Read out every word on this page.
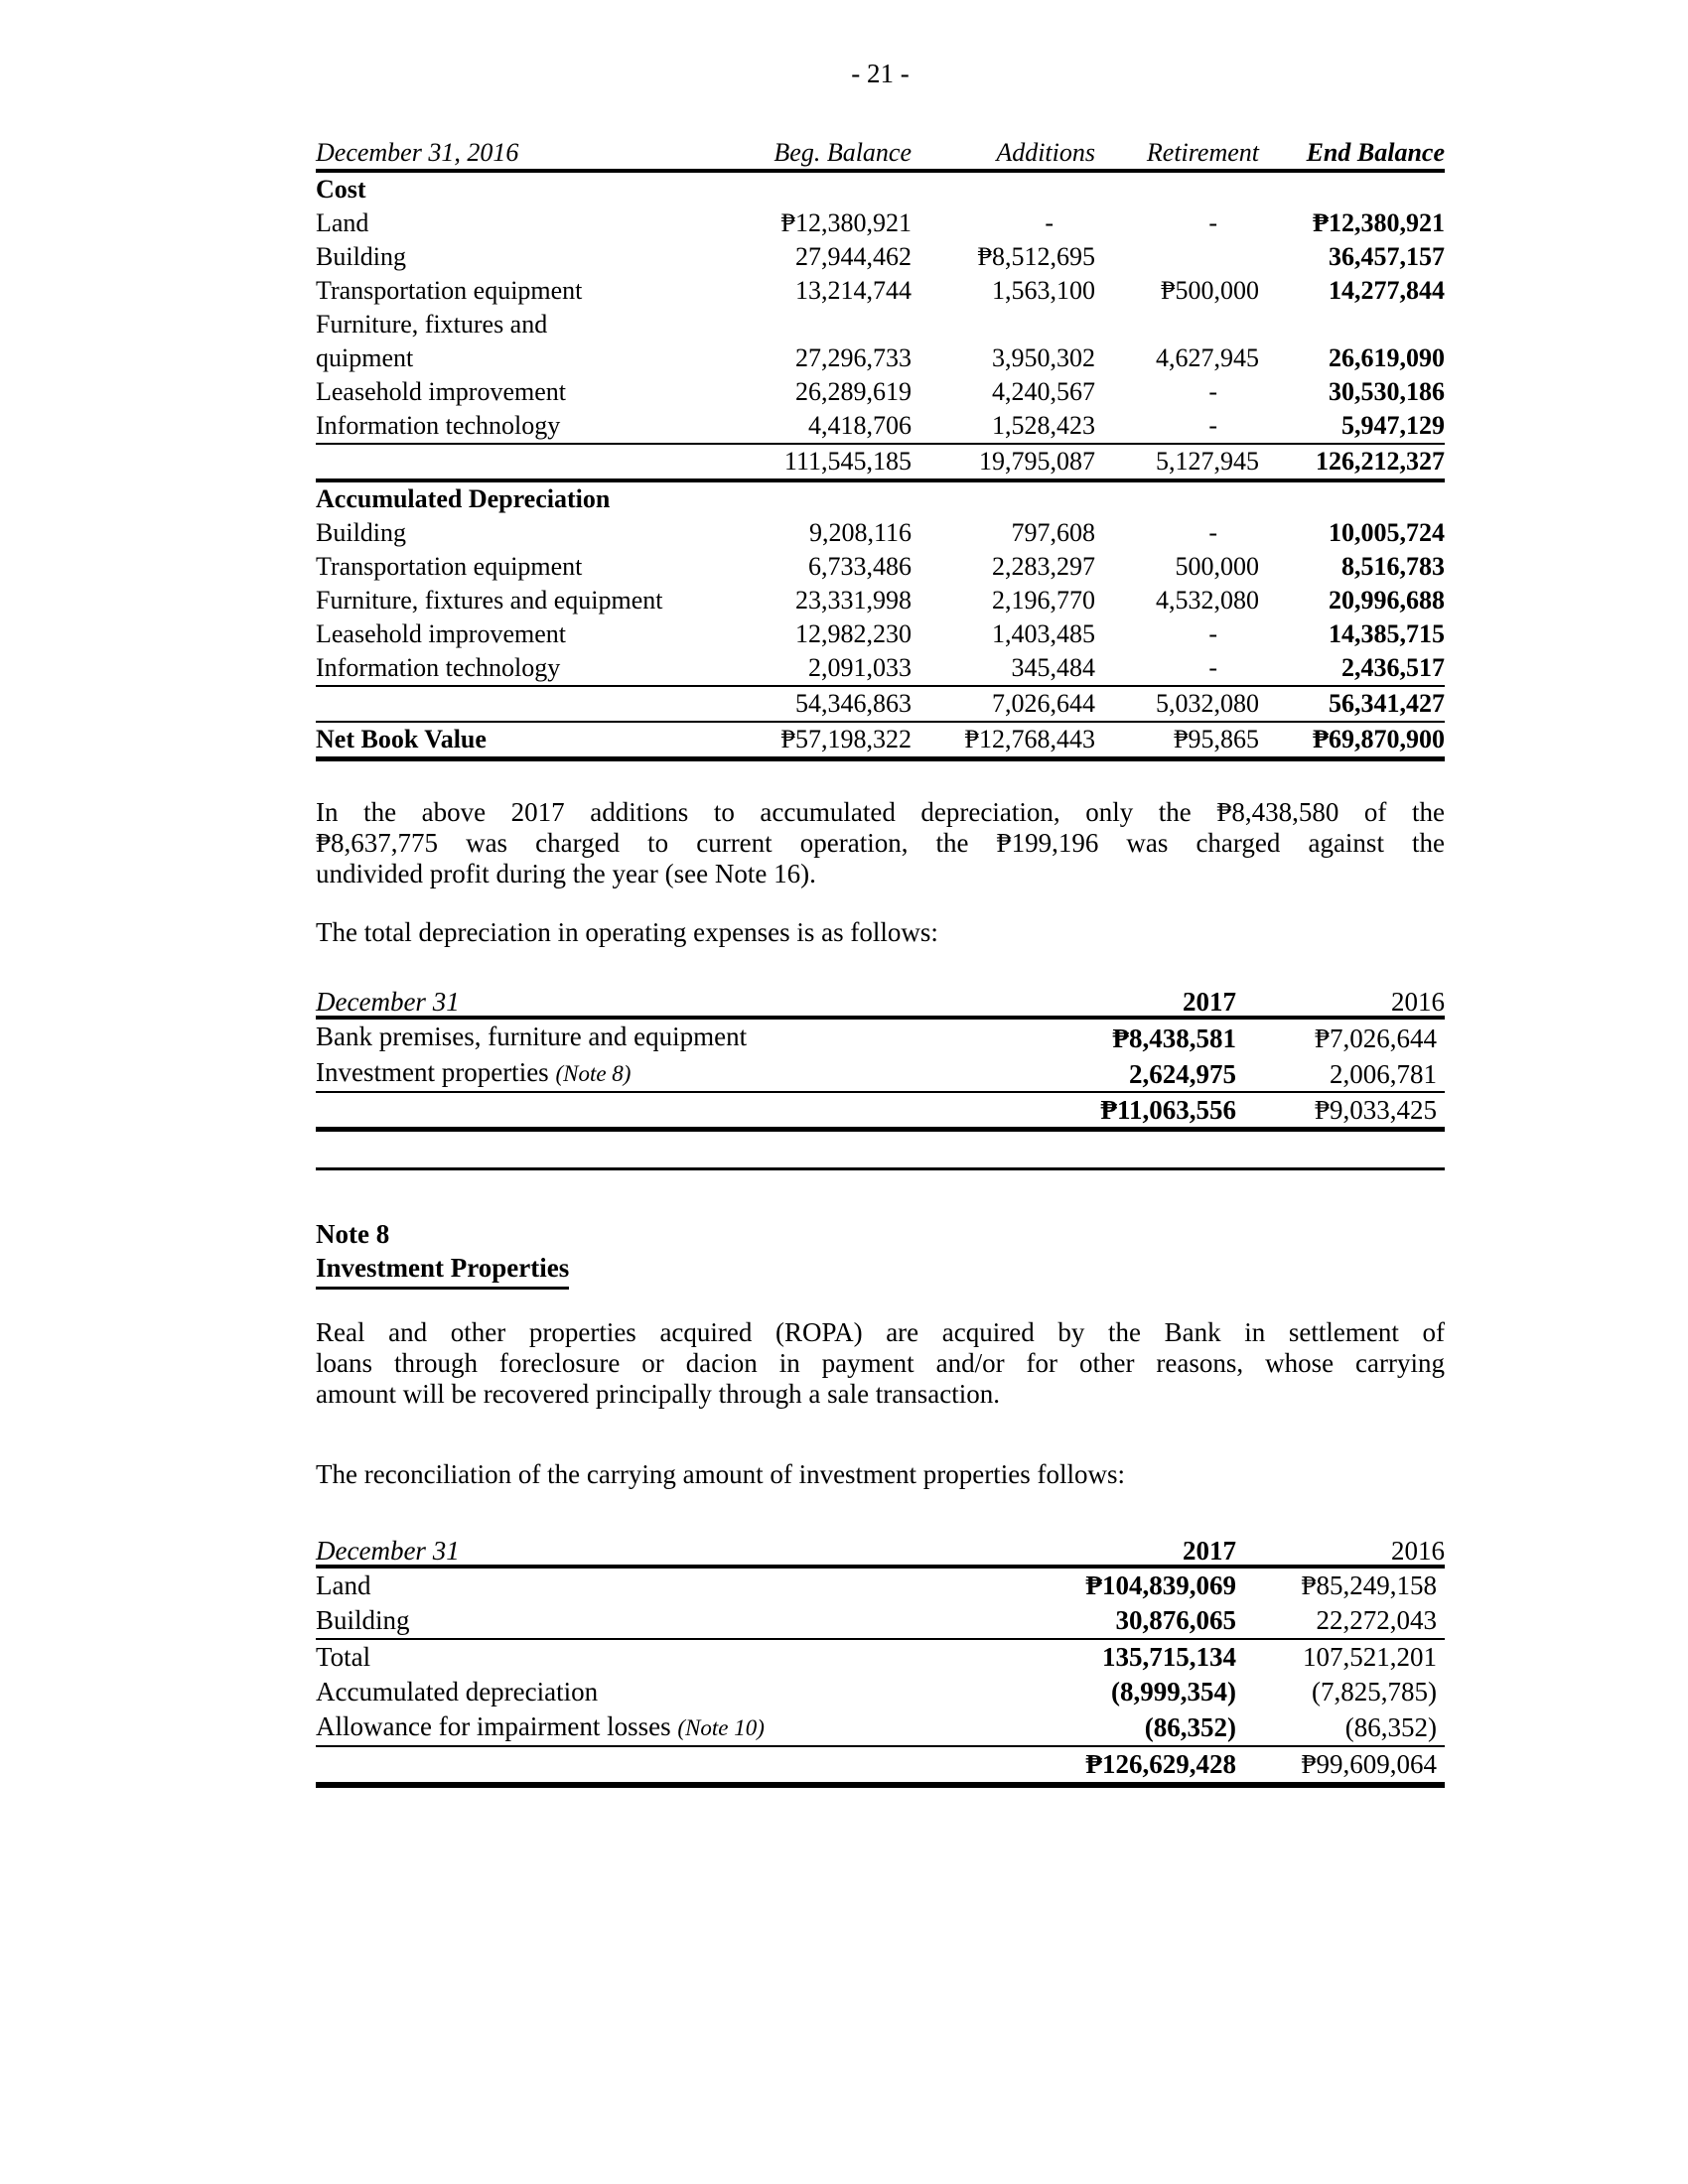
- 21 -
December 31, 2016	Beg. Balance	Additions	Retirement	End Balance
Cost				
Land	₱12,380,921	-	-	₱12,380,921
Building	27,944,462	₱8,512,695		36,457,157
Transportation equipment	13,214,744	1,563,100	₱500,000	14,277,844
Furniture, fixtures and				
quipment	27,296,733	3,950,302	4,627,945	26,619,090
Leasehold improvement	26,289,619	4,240,567	-	30,530,186
Information technology	4,418,706	1,528,423	-	5,947,129
	111,545,185	19,795,087	5,127,945	126,212,327
Accumulated Depreciation				
Building	9,208,116	797,608	-	10,005,724
Transportation equipment	6,733,486	2,283,297	500,000	8,516,783
Furniture, fixtures and equipment	23,331,998	2,196,770	4,532,080	20,996,688
Leasehold improvement	12,982,230	1,403,485	-	14,385,715
Information technology	2,091,033	345,484	-	2,436,517
	54,346,863	7,026,644	5,032,080	56,341,427
Net Book Value	₱57,198,322	₱12,768,443	₱95,865	₱69,870,900
In the above 2017 additions to accumulated depreciation, only the ₱8,438,580 of the
₱8,637,775 was charged to current operation, the ₱199,196 was charged against the
undivided profit during the year (see Note 16).

The total depreciation in operating expenses is as follows:

December 31	2017	2016
Bank premises, furniture and equipment	₱8,438,581	₱7,026,644
Investment properties (Note 8)	2,624,975	2,006,781
	₱11,063,556	₱9,033,425
Note 8
Investment Properties
Real and other properties acquired (ROPA) are acquired by the Bank in settlement of
loans through foreclosure or dacion in payment and/or for other reasons, whose carrying
amount will be recovered principally through a sale transaction.

The reconciliation of the carrying amount of investment properties follows:

December 31	2017	2016
Land	₱104,839,069	₱85,249,158
Building	30,876,065	22,272,043
Total	135,715,134	107,521,201
Accumulated depreciation	(8,999,354)	(7,825,785)
Allowance for impairment losses (Note 10)	(86,352)	(86,352)
	₱126,629,428	₱99,609,064
